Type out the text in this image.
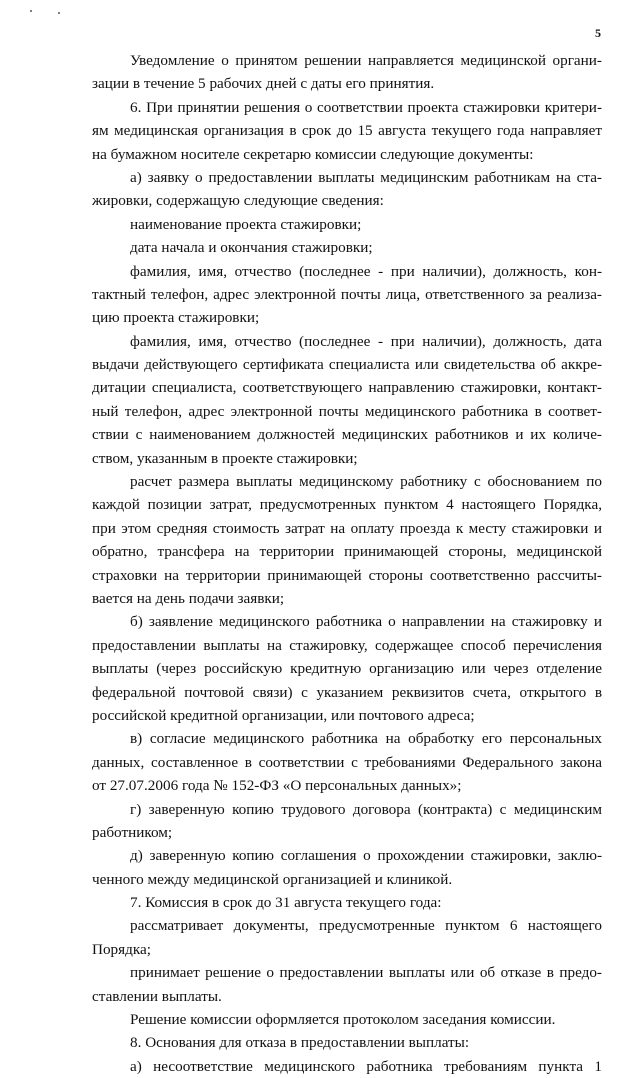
5
Уведомление о принятом решении направляется медицинской органи-
зации в течение 5 рабочих дней с даты его принятия.
6. При принятии решения о соответствии проекта стажировки критери-
ям медицинская организация в срок до 15 августа текущего года направляет
на бумажном носителе секретарю комиссии следующие документы:
а) заявку о предоставлении выплаты медицинским работникам на ста-
жировки, содержащую следующие сведения:
наименование проекта стажировки;
дата начала и окончания стажировки;
фамилия, имя, отчество (последнее - при наличии), должность, кон-
тактный телефон, адрес электронной почты лица, ответственного за реализа-
цию проекта стажировки;
фамилия, имя, отчество (последнее - при наличии), должность, дата
выдачи действующего сертификата специалиста или свидетельства об аккре-
дитации специалиста, соответствующего направлению стажировки, контакт-
ный телефон, адрес электронной почты медицинского работника в соответ-
ствии с наименованием должностей медицинских работников и их количе-
ством, указанным в проекте стажировки;
расчет размера выплаты медицинскому работнику с обоснованием по
каждой позиции затрат, предусмотренных пунктом 4 настоящего Порядка,
при этом средняя стоимость затрат на оплату проезда к месту стажировки и
обратно, трансфера на территории принимающей стороны, медицинской
страховки на территории принимающей стороны соответственно рассчиты-
вается на день подачи заявки;
б) заявление медицинского работника о направлении на стажировку и
предоставлении выплаты на стажировку, содержащее способ перечисления
выплаты (через российскую кредитную организацию или через отделение
федеральной почтовой связи) с указанием реквизитов счета, открытого в
российской кредитной организации, или почтового адреса;
в) согласие медицинского работника на обработку его персональных
данных, составленное в соответствии с требованиями Федерального закона
от 27.07.2006 года № 152-ФЗ «О персональных данных»;
г) заверенную копию трудового договора (контракта) с медицинским
работником;
д) заверенную копию соглашения о прохождении стажировки, заклю-
ченного между медицинской организацией и клиникой.
7. Комиссия в срок до 31 августа текущего года:
рассматривает документы, предусмотренные пунктом 6 настоящего
Порядка;
принимает решение о предоставлении выплаты или об отказе в предо-
ставлении выплаты.
Решение комиссии оформляется протоколом заседания комиссии.
8. Основания для отказа в предоставлении выплаты:
а) несоответствие медицинского работника требованиям пункта 1
